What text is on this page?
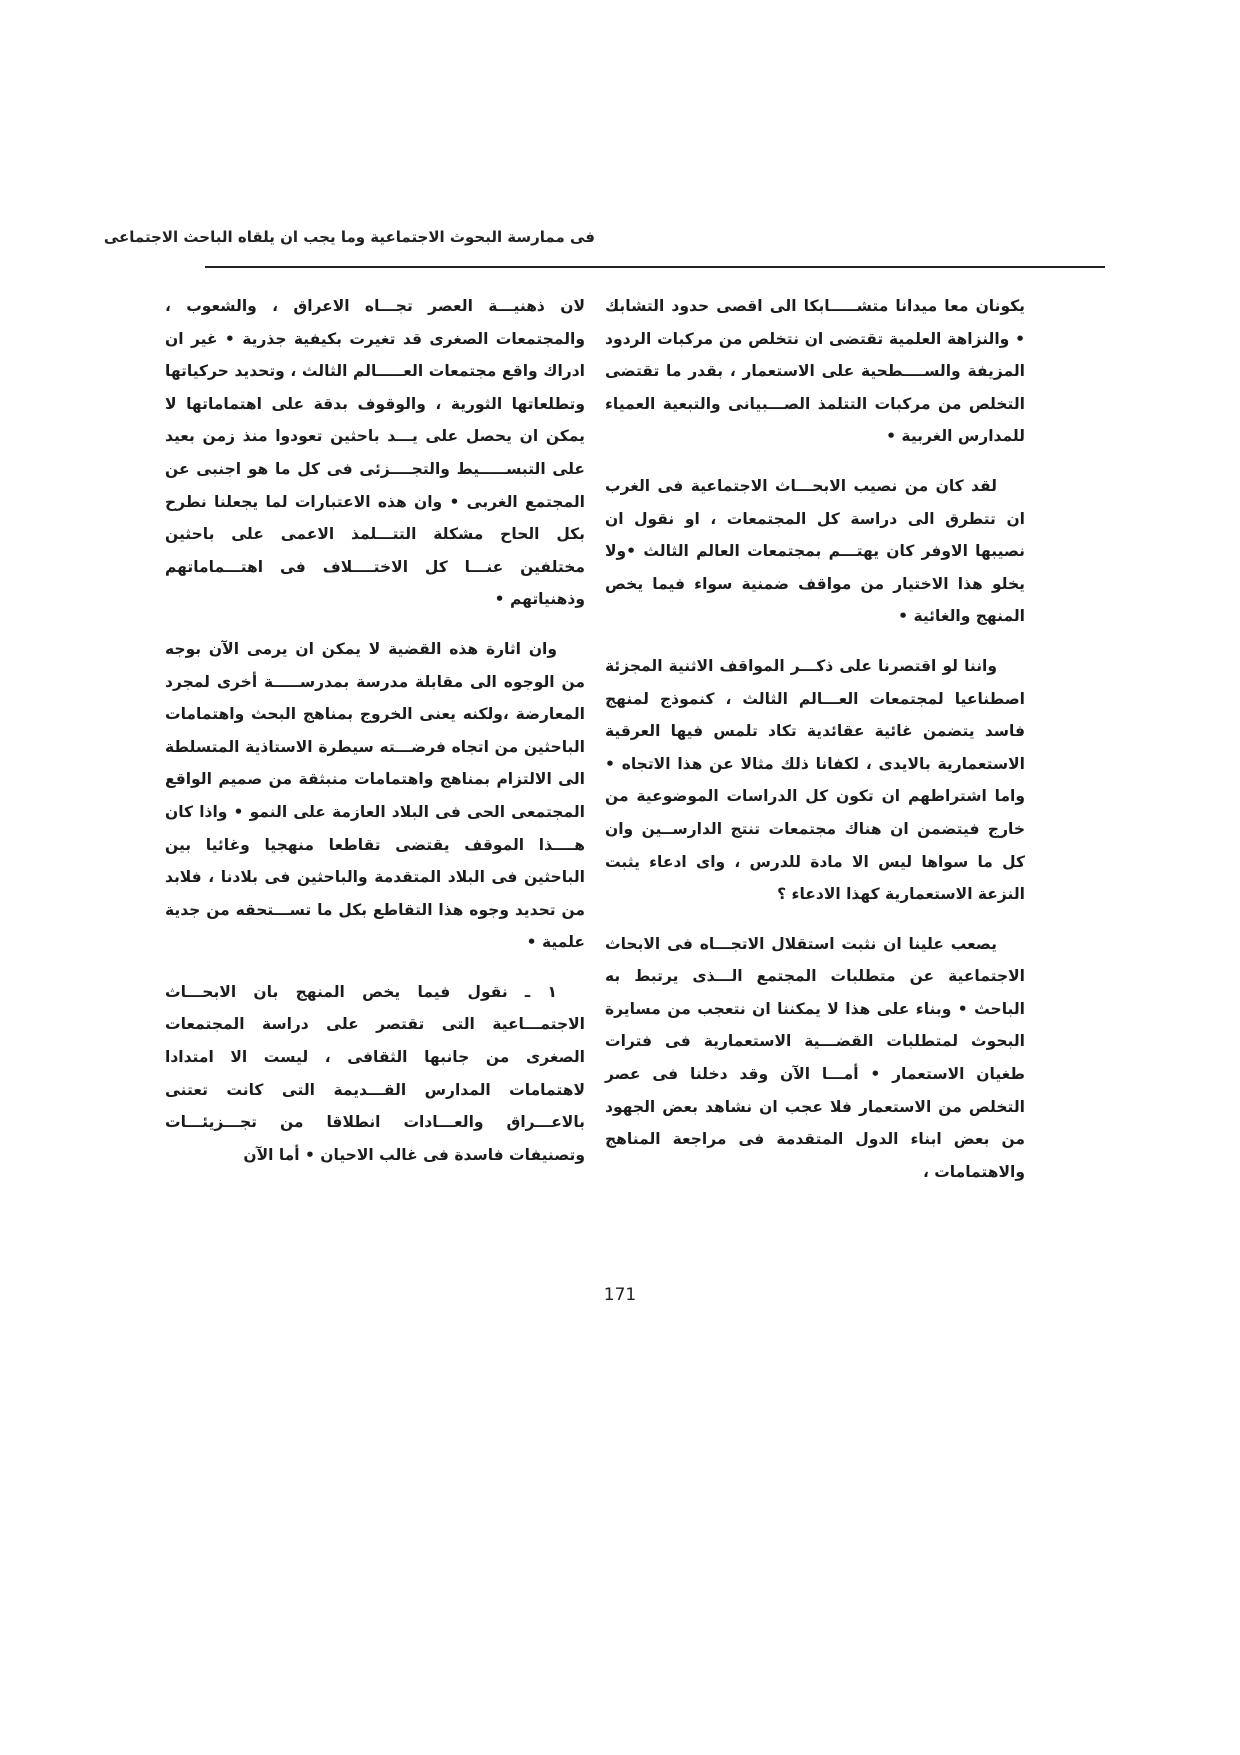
فى ممارسة البحوث الاجتماعية وما يجب ان يلقاه الباحث الاجتماعى

يكونان معا ميدانا متشـــــابكا الى اقصى حدود التشابك • والنزاهة العلمية تقتضى ان نتخلص من مركبات الردود المزيفة والســــطحية على الاستعمار ، بقدر ما تقتضى التخلص من مركبات التتلمذ الصـــبيانى والتبعية العمياء للمدارس الغربية •

لقد كان من نصيب الابحـــاث الاجتماعية فى الغرب ان تتطرق الى دراسة كل المجتمعات ، او نقول ان نصيبها الاوفر كان يهتـــم بمجتمعات العالم الثالث •ولا يخلو هذا الاختيار من مواقف ضمنية سواء فيما يخص المنهج والغائية •

واننا لو اقتصرنا على ذكـــر المواقف الاثنية المجزئة اصطناعيا لمجتمعات العـــالم الثالث ، كنموذج لمنهج فاسد يتضمن غائية عقائدية تكاد تلمس فيها العرقية الاستعمارية بالايدى ، لكفانا ذلك مثالا عن هذا الاتجاه • واما اشتراطهم ان تكون كل الدراسات الموضوعية من خارج فيتضمن ان هناك مجتمعات تنتج الدارســين وان كل ما سواها ليس الا مادة للدرس ، واى ادعاء يثبت النزعة الاستعمارية كهذا الادعاء ؟

يصعب علينا ان نثبت استقلال الاتجـــاه فى الابحاث الاجتماعية عن متطلبات المجتمع الـــذى يرتبط به الباحث • وبناء على هذا لا يمكننا ان نتعجب من مسايرة البحوث لمتطلبات القضـــية الاستعمارية فى فترات طغيان الاستعمار • أمـــا الآن وقد دخلنا فى عصر التخلص من الاستعمار فلا عجب ان نشاهد بعض الجهود من بعض ابناء الدول المتقدمة فى مراجعة المناهج والاهتمامات ،

لان ذهنيـــة العصر تجـــاه الاعراق ، والشعوب ، والمجتمعات الصغرى قد تغيرت بكيفية جذرية • غير ان ادراك واقع مجتمعات العـــــالم الثالث ، وتحديد حركياتها وتطلعاتها الثورية ، والوقوف بدقة على اهتماماتها لا يمكن ان يحصل على يـــد باحثين تعودوا منذ زمن بعيد على التبســـــيط والتجــــزئى فى كل ما هو اجنبى عن المجتمع الغربى • وان هذه الاعتبارات لما يجعلنا نطرح بكل الحاح مشكلة التتـــلمذ الاعمى على باحثين مختلفين عنـــا كل الاختــــلاف فى اهتـــماماتهم وذهنياتهم •

وان اثارة هذه القضية لا يمكن ان يرمى الآن بوجه من الوجوه الى مقابلة مدرسة بمدرســـــة أخرى لمجرد المعارضة ،ولكنه يعنى الخروج بمناهج البحث واهتمامات الباحثين من اتجاه فرضـــته سيطرة الاستاذية المتسلطة الى الالتزام بمناهج واهتمامات منبثقة من صميم الواقع المجتمعى الحى فى البلاد العازمة على النمو • واذا كان هــــذا الموقف يقتضى تقاطعا منهجيا وغائيا بين الباحثين فى البلاد المتقدمة والباحثين فى بلادنا ، فلابد من تحديد وجوه هذا التقاطع بكل ما تســـتحقه من جدية علمية •

١ ـ نقول فيما يخص المنهج بان الابحـــاث الاجتمـــاعية التى تقتصر على دراسة المجتمعات الصغرى من جانبها الثقافى ، ليست الا امتدادا لاهتمامات المدارس القـــديمة التى كانت تعتنى بالاعـــراق والعـــادات انطلاقا من تجـــزيئـــات وتصنيفات فاسدة فى غالب الاحيان • أما الآن

171
